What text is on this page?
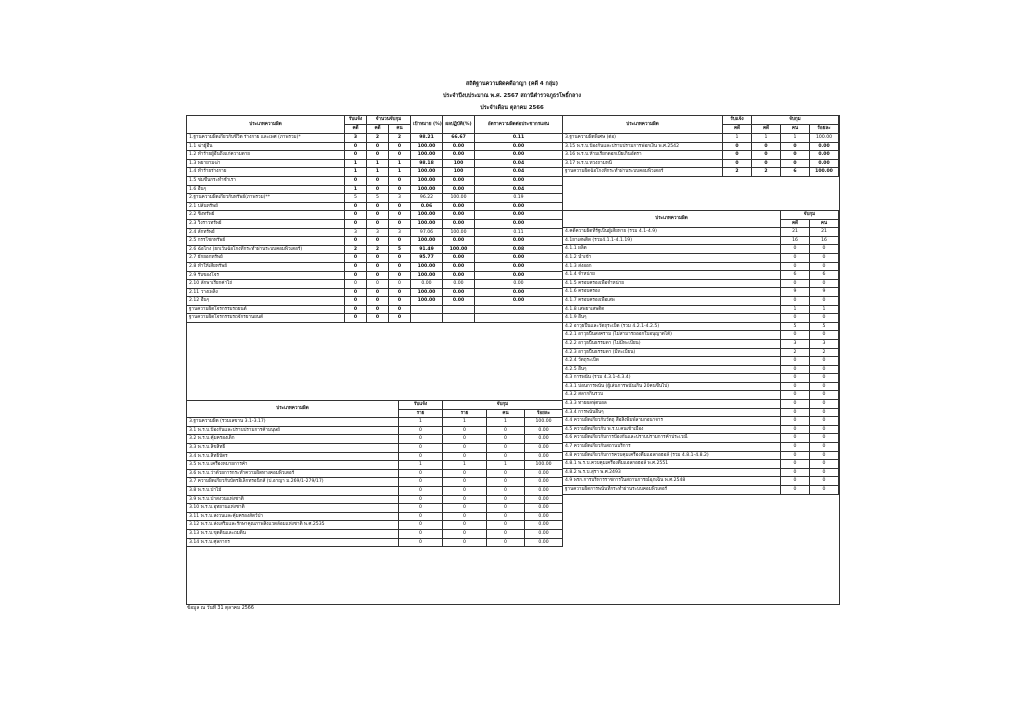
สถิติฐานความผิดคดีอาญา (คดี 4 กลุ่ม)
ประจำปีงบประมาณ พ.ศ. 2567 สถานีตำรวจภูธรโพธิ์กลาง
ประจำเดือน ตุลาคม 2566
ประเภทความผิด	รับแจ้ง	จำนวนจับกุม		เป้าหมาย (%)	ผลปฏิบัติ(%)	อัตราความผิดต่อประชากรแสน
	คดี	คดี	คน			
1.ฐานความผิดเกี่ยวกับชีวิต ร่างกาย และเพศ (ภาพรวม)*	3	2	2	98.21	66.67	0.11
1.1 ฆ่าผู้อื่น	0	0	0	100.00	0.00	0.00
1.2 ทำร้ายผู้อื่นถึงแก่ความตาย	0	0	0	100.00	0.00	0.00
1.3 พยายามฆ่า	1	1	1	98.18	100	0.04
1.4 ทำร้ายร่างกาย	1	1	1	100.00	100	0.04
1.5 ข่มขืนกระทำชำเรา	0	0	0	100.00	0.00	0.00
1.6 อื่นๆ	1	0	0	100.00	0.00	0.04
2.ฐานความผิดเกี่ยวกับทรัพย์(ภาพรวม)**	5	5	3	96.22	100.00	0.19
2.1 ปล้นทรัพย์	0	0	0	0.06	0.00	0.00
2.2 ชิงทรัพย์	0	0	0	100.00	0.00	0.00
2.3 วิ่งราวทรัพย์	0	0	0	100.00	0.00	0.00
2.4 ลักทรัพย์	3	3	3	97.06	100.00	0.11
2.5 กรรโชกทรัพย์	0	0	0	100.00	0.00	0.00
2.6 ฉ้อโกง (ยกเว้นฉ้อโกงที่กระทำผ่านระบบคอมพิวเตอร์)	2	2	5	91.49	100.00	0.08
2.7 ยักยอกทรัพย์	0	0	0	95.77	0.00	0.00
2.8 ทำให้เสียทรัพย์	0	0	0	100.00	0.00	0.00
2.9 รับของโจร	0	0	0	100.00	0.00	0.00
2.10 ลักพาเรียกค่าไถ่	0	0	0	0.00	0.00	0.00
2.11 วางเพลิง	0	0	0	100.00	0.00	0.00
2.12 อื่นๆ	0	0	0	100.00	0.00	0.00
ฐานความผิดโจรกรรมรถยนต์	0	0	0			
ฐานความผิดโจรกรรมรถจักรยานยนต์	0	0	0			
ประเภทความผิด	รับแจ้ง	จับกุม		
	ราย	ราย	คน	ร้อยละ
3.ฐานความผิด (รวมเลขาน 3.1-3.17)	1	1	1	100.00
3.1 พ.ร.บ.ป้องกันและปราบปรามการค้ามนุษย์	0	0	0	0.00
3.2 พ.ร.บ.คุ้มครองเด็ก	0	0	0	0.00
3.3 พ.ร.บ.ลิขสิทธิ์	0	0	0	0.00
3.4 พ.ร.บ.สิทธิบัตร	0	0	0	0.00
3.5 พ.ร.บ.เครื่องหมายการค้า	1	1	1	100.00
3.6 พ.ร.บ.ว่าด้วยการกระทำความผิดทางคอมพิวเตอร์	0	0	0	0.00
3.7 ความผิดเกี่ยวกับบัตรอิเล็กทรอนิกส์ (ป.อาญา ม.269/1-279/17)	0	0	0	0.00
3.8 พ.ร.บ.ป่าไม้	0	0	0	0.00
3.9 พ.ร.บ.ป่าสงวนแห่งชาติ	0	0	0	0.00
3.10 พ.ร.บ.อุทยานแห่งชาติ	0	0	0	0.00
3.11 พ.ร.บ.สงวนและคุ้มครองสัตว์ป่า	0	0	0	0.00
3.12 พ.ร.บ.ส่งเสริมและรักษาคุณภาพสิ่งแวดล้อมแห่งชาติ พ.ศ.2535	0	0	0	0.00
3.13 พ.ร.บ.ขุดดินและถมดิน	0	0	0	0.00
3.14 พ.ร.บ.ศุลกากร	0	0	0	0.00
ประเภทความผิด	รับแจ้ง	จับกุม		
	คดี	คดี	คน	ร้อยละ
3.ฐานความผิดพิเศษ (ต่อ)	1	1	1	100.00
3.15 พ.ร.บ.ป้องกันและปราบปรามการฟอกเงิน พ.ศ.2542	0	0	0	0.00
3.16 พ.ร.บ.ห้ามเรียกดอกเบี้ยเกินอัตรา	0	0	0	0.00
3.17 พ.ร.บ.ทวงถามหนี้	0	0	0	0.00
ฐานความผิดฉ้อโกงที่กระทำผ่านระบบคอมพิวเตอร์	2	2	6	100.00
ประเภทความผิด	จับกุม	
	คดี	คน
4.คดีความผิดที่รัฐเป็นผู้เสียหาย (รวม 4.1-4.9)	21	21
4.1ยาเสพติด (รวม4.1.1-4.1.19)	16	16
4.1.1 ผลิต	0	0
4.1.2 นำเข้า	0	0
4.1.3 ส่งออก	0	0
4.1.4 จำหน่าย	6	6
4.1.5 ครอบครองเพื่อจำหน่าย	0	0
4.1.6 ครอบครอง	9	9
4.1.7 ครอบครองเพื่อเสพ	0	0
4.1.8 เสพยาเสพติด	1	1
4.1.9 อื่นๆ	0	0
4.2 อาวุธปืนและวัตถุระเบิด (รวม 4.2.1-4.2.5)	5	5
4.2.1 อาวุธปืนสงคราม (ไม่สามารถออกใบอนุญาตได้)	0	0
4.2.2 อาวุธปืนธรรมดา (ไม่มีทะเบียน)	3	3
4.2.3 อาวุธปืนธรรมดา (มีทะเบียน)	2	2
4.2.4 วัตถุระเบิด	0	0
4.2.5 อื่นๆ	0	0
4.3 การพนัน (รวม 4.3.1-4.3.4)	0	0
4.3.1 บ่อนการพนัน (ผู้เล่นการพนันเกิน 20คนขึ้นไป)	0	0
4.3.2 สลากกินรวบ	0	0
4.3.3 ทายผลฟุตบอล	0	0
4.3.4 การพนันอื่นๆ	0	0
4.4 ความผิดเกี่ยวกับวัตถุ สื่อสิ่งพิมพ์ลามกอนาจาร	0	0
4.5 ความผิดเกี่ยวกับ พ.ร.บ.คนเข้าเมือง	0	0
4.6 ความผิดเกี่ยวกับการป้องกันและปราบปรามการค้าประเวณี	0	0
4.7 ความผิดเกี่ยวกับสถานบริการ	0	0
4.8 ความผิดเกี่ยวกับการควบคุมเครื่องดื่มแอลกอฮอล์ (รวม 4.8.1-4.8.2)	0	0
4.8.1 พ.ร.บ.ควบคุมเครื่องดื่มแอลกอฮอล์ พ.ศ.2551	0	0
4.8.2 พ.ร.บ.สุรา พ.ศ.2493	0	0
4.9 พรก.การบริหารราชการในสถานการณ์ฉุกเฉิน พ.ศ.2548	0	0
ฐานความผิดการพนันที่กระทำผ่านระบบคอมพิวเตอร์	0	0
ข้อมูล ณ วันที่ 31 ตุลาคม 2566
